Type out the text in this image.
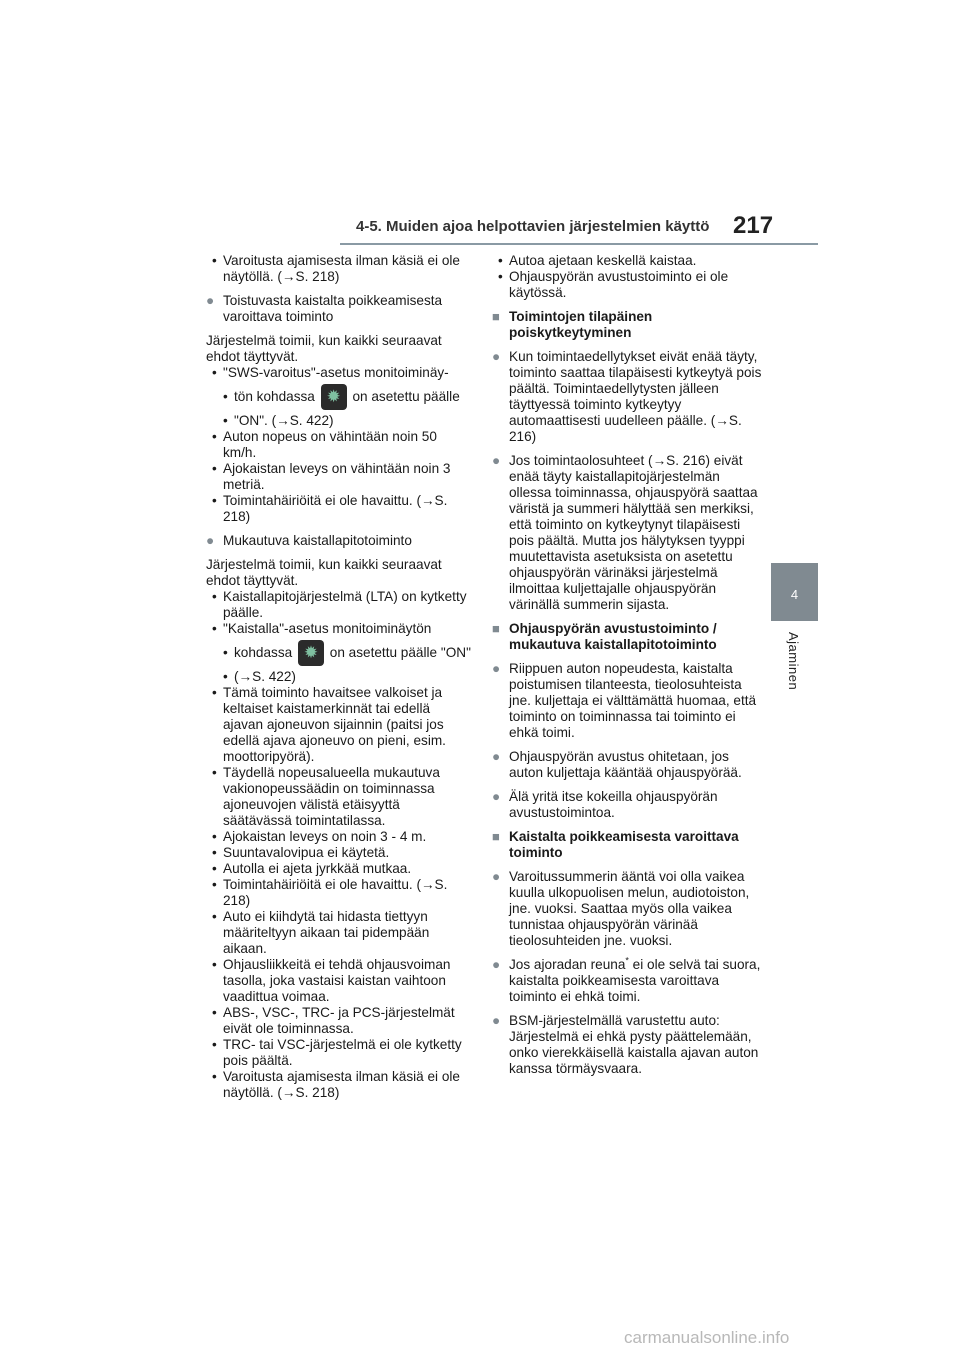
4-5. Muiden ajoa helpottavien järjestelmien käyttö 217
4
Ajaminen

• Varoitusta ajamisesta ilman käsiä ei ole
näytöllä. (→S. 218)

● Toistuvasta kaistalta poikkeamisesta varoittava toiminto

Järjestelmä toimii, kun kaikki seuraavat ehdot täyttyvät.

• "SWS-varoitus"-asetus monitoiminäy-

• tön kohdassa ✹ on asetettu päälle

• "ON". (→S. 422)

• Auton nopeus on vähintään noin 50 km/h.

• Ajokaistan leveys on vähintään noin 3 metriä.

• Toimintahäiriöitä ei ole havaittu. (→S. 218)

● Mukautuva kaistallapitotoiminto

Järjestelmä toimii, kun kaikki seuraavat ehdot täyttyvät.

• Kaistallapitojärjestelmä (LTA) on kytketty päälle.

• "Kaistalla"-asetus monitoiminäytön

• kohdassa ✹ on asetettu päälle "ON"

• (→S. 422)

• Tämä toiminto havaitsee valkoiset ja keltaiset kaistamerkinnät tai edellä ajavan ajoneuvon sijainnin (paitsi jos edellä ajava ajoneuvo on pieni, esim. moottoripyörä).

• Täydellä nopeusalueella mukautuva vakionopeussäädin on toiminnassa ajoneuvojen välistä etäisyyttä säätävässä toimintatilassa.

• Ajokaistan leveys on noin 3 - 4 m.

• Suuntavalovipua ei käytetä.

• Autolla ei ajeta jyrkkää mutkaa.

• Toimintahäiriöitä ei ole havaittu. (→S. 218)

• Auto ei kiihdytä tai hidasta tiettyyn määriteltyyn aikaan tai pidempään aikaan.

• Ohjausliikkeitä ei tehdä ohjausvoiman tasolla, joka vastaisi kaistan vaihtoon vaadittua voimaa.

• ABS-, VSC-, TRC- ja PCS-järjestelmät eivät ole toiminnassa.

• TRC- tai VSC-järjestelmä ei ole kytketty pois päältä.

• Varoitusta ajamisesta ilman käsiä ei ole näytöllä. (→S. 218)

• Autoa ajetaan keskellä kaistaa.

• Ohjauspyörän avustustoiminto ei ole käytössä.

■ Toimintojen tilapäinen poiskytkeytyminen

● Kun toimintaedellytykset eivät enää täyty, toiminto saattaa tilapäisesti kytkeytyä pois päältä. Toimintaedellytysten jälleen täyttyessä toiminto kytkeytyy automaattisesti uudelleen päälle. (→S. 216)

● Jos toimintaolosuhteet (→S. 216) eivät enää täyty kaistallapitojärjestelmän ollessa toiminnassa, ohjauspyörä saattaa väristä ja summeri hälyttää sen merkiksi, että toiminto on kytkeytynyt tilapäisesti pois päältä. Mutta jos hälytyksen tyyppi muutettavista asetuksista on asetettu ohjauspyörän värinäksi järjestelmä ilmoittaa kuljettajalle ohjauspyörän värinällä summerin sijasta.

■ Ohjauspyörän avustustoiminto / mukautuva kaistallapitotoiminto

● Riippuen auton nopeudesta, kaistalta poistumisen tilanteesta, tieolosuhteista jne. kuljettaja ei välttämättä huomaa, että toiminto on toiminnassa tai toiminto ei ehkä toimi.

● Ohjauspyörän avustus ohitetaan, jos auton kuljettaja kääntää ohjauspyörää.

● Älä yritä itse kokeilla ohjauspyörän avustustoimintoa.

■ Kaistalta poikkeamisesta varoittava toiminto

● Varoitussummerin ääntä voi olla vaikea kuulla ulkopuolisen melun, audiotoiston, jne. vuoksi. Saattaa myös olla vaikea tunnistaa ohjauspyörän värinää tieolosuhteiden jne. vuoksi.

● Jos ajoradan reuna* ei ole selvä tai suora, kaistalta poikkeamisesta varoittava toiminto ei ehkä toimi.

● BSM-järjestelmällä varustettu auto: Järjestelmä ei ehkä pysty päättelemään, onko vierekkäisellä kaistalla ajavan auton kanssa törmäysvaara.

carmanualsonline.info
